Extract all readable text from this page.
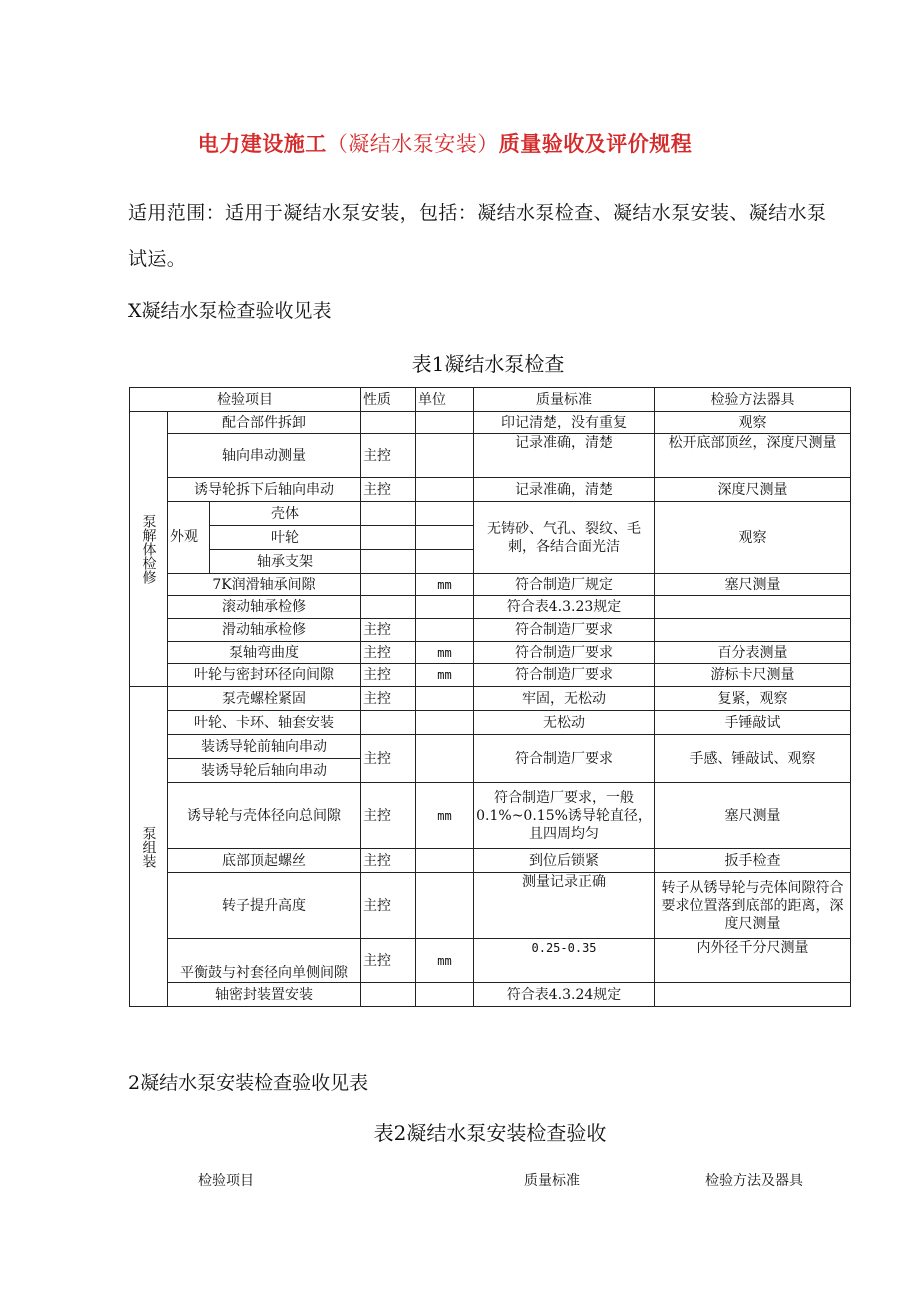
电力建设施工（凝结水泵安装）质量验收及评价规程
适用范围：适用于凝结水泵安装，包括：凝结水泵检查、凝结水泵安装、凝结水泵试运。
X凝结水泵检查验收见表
表1凝结水泵检查
检验项目			性质	单位	质量标准	检验方法器具
泵解体检修	配合部件拆卸				印记清楚，没有重复	观察
	轴向串动测量		主控		记录准确，清楚	松开底部顶丝，深度尺测量
	诱导轮拆下后轴向串动		主控		记录准确，清楚	深度尺测量
	外观	壳体			无铸砂、气孔、裂纹、毛刺，各结合面光洁	观察
		叶轮				
		轴承支架				
	7K润滑轴承间隙			mm	符合制造厂规定	塞尺测量
	滚动轴承检修				符合表4.3.23规定	
	滑动轴承检修		主控		符合制造厂要求	
	泵轴弯曲度		主控	mm	符合制造厂要求	百分表测量
	叶轮与密封环径向间隙		主控	mm	符合制造厂要求	游标卡尺测量
泵组装	泵壳螺栓紧固		主控		牢固，无松动	复紧，观察
	叶轮、卡环、轴套安装				无松动	手锤敲试
	装诱导轮前轴向串动		主控		符合制造厂要求	手感、锤敲试、观察
	装诱导轮后轴向串动					
	诱导轮与壳体径向总间隙		主控	mm	符合制造厂要求，一般
0.1%~0.15%诱导轮直径，
且四周均匀	塞尺测量
	底部顶起螺丝		主控		到位后锁紧	扳手检查
	转子提升高度		主控		测量记录正确	转子从锈导轮与壳体间隙符合要求位置落到底部的距离，深度尺测量
	平衡鼓与衬套径向单侧间隙		主控	mm	0.25-0.35	内外径千分尺测量
	轴密封装置安装				符合表4.3.24规定	
2凝结水泵安装检查验收见表
表2凝结水泵安装检查验收
检验项目	质量标准	检验方法及器具
